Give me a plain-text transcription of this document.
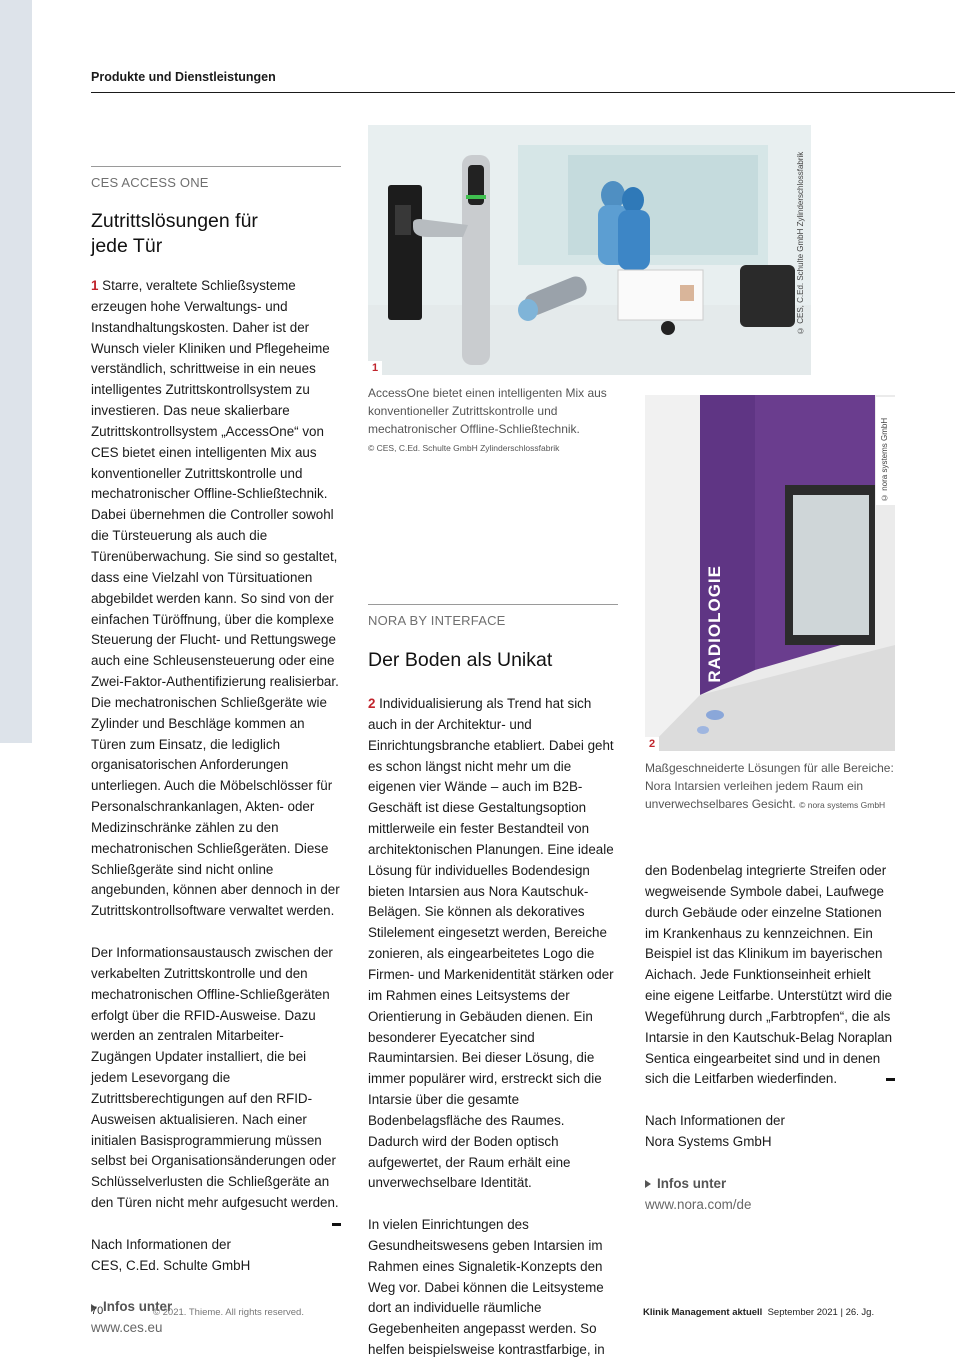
Produkte und Dienstleistungen
CES ACCESS ONE
Zutrittslösungen für
jede Tür

1 Starre, veraltete Schließsysteme erzeugen hohe Verwaltungs- und Instandhaltungskosten. Daher ist der Wunsch vieler Kliniken und Pflegeheime verständlich, schrittweise in ein neues intelligentes Zutrittskontrollsystem zu investieren. Das neue skalierbare Zutrittskontrollsystem „AccessOne“ von CES bietet einen intelligenten Mix aus konventioneller Zutrittskontrolle und mechatronischer Offline-Schließtechnik. Dabei übernehmen die Controller sowohl die Türsteuerung als auch die Türenüberwachung. Sie sind so gestaltet, dass eine Vielzahl von Türsituationen abgebildet werden kann. So sind von der einfachen Türöffnung, über die komplexe Steuerung der Flucht- und Rettungswege auch eine Schleusensteuerung oder eine Zwei-Faktor-Authentifizierung realisierbar. Die mechatronischen Schließgeräte wie Zylinder und Beschläge kommen an Türen zum Einsatz, die lediglich organisatorischen Anforderungen unterliegen. Auch die Möbelschlösser für Personalschrankanlagen, Akten- oder Medizinschränke zählen zu den mechatronischen Schließgeräten. Diese Schließgeräte sind nicht online angebunden, können aber dennoch in der Zutrittskontrollsoftware verwaltet werden.

Der Informationsaustausch zwischen der verkabelten Zutrittskontrolle und den mechatronischen Offline-Schließgeräten erfolgt über die RFID-Ausweise. Dazu werden an zentralen Mitarbeiter-Zugängen Updater installiert, die bei jedem Lesevorgang die Zutrittsberechtigungen auf den RFID-Ausweisen aktualisieren. Nach einer initialen Basisprogrammierung müssen selbst bei Organisationsänderungen oder Schlüsselverlusten die Schließgeräte an den Türen nicht mehr aufgesucht werden.

Nach Informationen der
CES, C.Ed. Schulte GmbH

Infos unter

www.ces.eu

1
© CES, C.Ed. Schulte GmbH Zylinderschlossfabrik
AccessOne bietet einen intelligenten Mix aus konventioneller Zutrittskontrolle und mechatronischer Offline-Schließtechnik.
© CES, C.Ed. Schulte GmbH Zylinderschlossfabrik
RADIOLOGIE
2
© nora systems GmbH
Maßgeschneiderte Lösungen für alle Bereiche: Nora Intarsien verleihen jedem Raum ein unverwechselbares Gesicht. © nora systems GmbH
NORA BY INTERFACE
Der Boden als Unikat

2 Individualisierung als Trend hat sich auch in der Architektur- und Einrichtungsbranche etabliert. Dabei geht es schon längst nicht mehr um die eigenen vier Wände – auch im B2B-Geschäft ist diese Gestaltungsoption mittlerweile ein fester Bestandteil von architektonischen Planungen. Eine ideale Lösung für individuelles Bodendesign bieten Intarsien aus Nora Kautschuk-Belägen. Sie können als dekoratives Stilelement eingesetzt werden, Bereiche zonieren, als eingearbeitetes Logo die Firmen- und Markenidentität stärken oder im Rahmen eines Leitsystems der Orientierung in Gebäuden dienen. Ein besonderer Eyecatcher sind Raumintarsien. Bei dieser Lösung, die immer populärer wird, erstreckt sich die Intarsie über die gesamte Bodenbelagsfläche des Raumes. Dadurch wird der Boden optisch aufgewertet, der Raum erhält eine unverwechselbare Identität.

In vielen Einrichtungen des Gesundheitswesens geben Intarsien im Rahmen eines Signaletik-Konzepts den Weg vor. Dabei können die Leitsysteme dort an individuelle räumliche Gegebenheiten angepasst werden. So helfen beispielsweise kontrastfarbige, in

den Bodenbelag integrierte Streifen oder wegweisende Symbole dabei, Laufwege durch Gebäude oder einzelne Stationen im Krankenhaus zu kennzeichnen. Ein Beispiel ist das Klinikum im bayerischen Aichach. Jede Funktionseinheit erhielt eine eigene Leitfarbe. Unterstützt wird die Wegeführung durch „Farbtropfen“, die als Intarsie in den Kautschuk-Belag Noraplan Sentica eingearbeitet sind und in denen sich die Leitfarben wiederfinden.

Nach Informationen der
Nora Systems GmbH

Infos unter

www.nora.com/de

70	© 2021. Thieme. All rights reserved.	Klinik Management aktuell September 2021 | 26. Jg.
